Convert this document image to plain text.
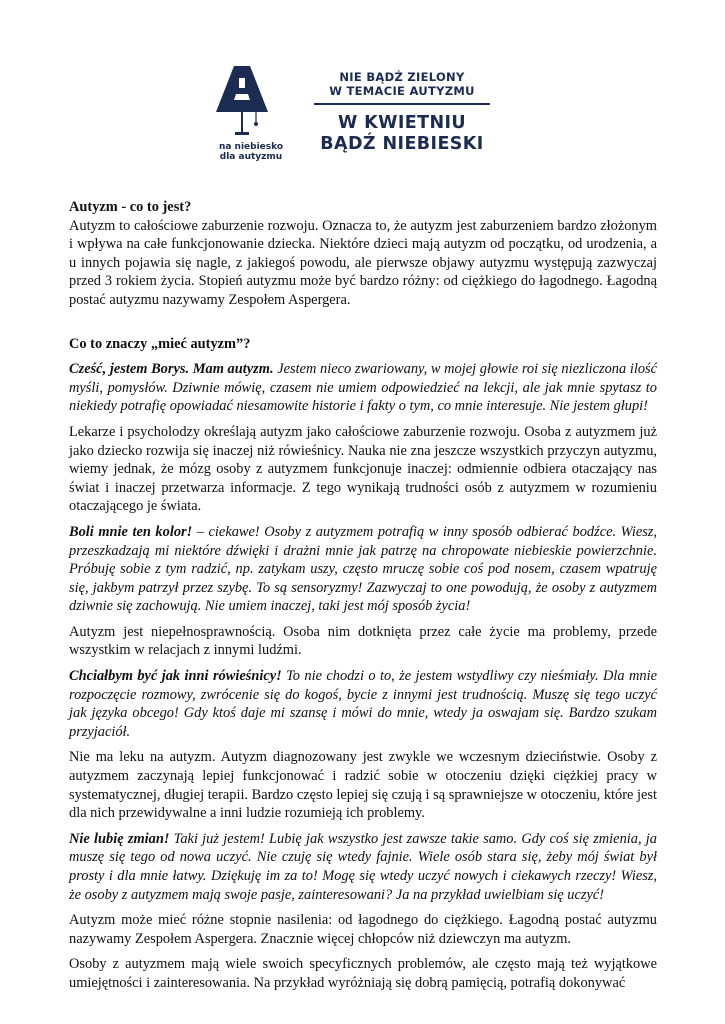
na niebiesko
dla autyzmu
NIE BĄDŹ ZIELONY
W TEMACIE AUTYZMU
W KWIETNIU
BĄDŹ NIEBIESKI
Autyzm - co to jest?

Autyzm to całościowe zaburzenie rozwoju. Oznacza to, że autyzm jest zaburzeniem bardzo złożonym i wpływa na całe funkcjonowanie dziecka. Niektóre dzieci mają autyzm od początku, od urodzenia, a u innych pojawia się nagle, z jakiegoś powodu, ale pierwsze objawy autyzmu występują zazwyczaj przed 3 rokiem życia. Stopień autyzmu może być bardzo różny: od ciężkiego do łagodnego. Łagodną postać autyzmu nazywamy Zespołem Aspergera.

Co to znaczy „mieć autyzm”?

Cześć, jestem Borys. Mam autyzm. Jestem nieco zwariowany, w mojej głowie roi się niezliczona ilość myśli, pomysłów. Dziwnie mówię, czasem nie umiem odpowiedzieć na lekcji, ale jak mnie spytasz to niekiedy potrafię opowiadać niesamowite historie i fakty o tym, co mnie interesuje. Nie jestem głupi!

Lekarze i psycholodzy określają autyzm jako całościowe zaburzenie rozwoju. Osoba z autyzmem już jako dziecko rozwija się inaczej niż rówieśnicy. Nauka nie zna jeszcze wszystkich przyczyn autyzmu, wiemy jednak, że mózg osoby z autyzmem funkcjonuje inaczej: odmiennie odbiera otaczający nas świat i inaczej przetwarza informacje. Z tego wynikają trudności osób z autyzmem w rozumieniu otaczającego je świata.

Boli mnie ten kolor! – ciekawe! Osoby z autyzmem potrafią w inny sposób odbierać bodźce. Wiesz, przeszkadzają mi niektóre dźwięki i drażni mnie jak patrzę na chropowate niebieskie powierzchnie. Próbuję sobie z tym radzić, np. zatykam uszy, często mruczę sobie coś pod nosem, czasem wpatruję się, jakbym patrzył przez szybę. To są sensoryzmy! Zazwyczaj to one powodują, że osoby z autyzmem dziwnie się zachowują. Nie umiem inaczej, taki jest mój sposób życia!

Autyzm jest niepełnosprawnością. Osoba nim dotknięta przez całe życie ma problemy, przede wszystkim w relacjach z innymi ludźmi.

Chciałbym być jak inni rówieśnicy! To nie chodzi o to, że jestem wstydliwy czy nieśmiały. Dla mnie rozpoczęcie rozmowy, zwrócenie się do kogoś, bycie z innymi jest trudnością. Muszę się tego uczyć jak języka obcego! Gdy ktoś daje mi szansę i mówi do mnie, wtedy ja oswajam się. Bardzo szukam przyjaciół.

Nie ma leku na autyzm. Autyzm diagnozowany jest zwykle we wczesnym dzieciństwie. Osoby z autyzmem zaczynają lepiej funkcjonować i radzić sobie w otoczeniu dzięki ciężkiej pracy w systematycznej, długiej terapii. Bardzo często lepiej się czują i są sprawniejsze w otoczeniu, które jest dla nich przewidywalne a inni ludzie rozumieją ich problemy.

Nie lubię zmian! Taki już jestem! Lubię jak wszystko jest zawsze takie samo. Gdy coś się zmienia, ja muszę się tego od nowa uczyć. Nie czuję się wtedy fajnie. Wiele osób stara się, żeby mój świat był prosty i dla mnie łatwy. Dziękuję im za to! Mogę się wtedy uczyć nowych i ciekawych rzeczy! Wiesz, że osoby z autyzmem mają swoje pasje, zainteresowani? Ja na przykład uwielbiam się uczyć!

Autyzm może mieć różne stopnie nasilenia: od łagodnego do ciężkiego. Łagodną postać autyzmu nazywamy Zespołem Aspergera. Znacznie więcej chłopców niż dziewczyn ma autyzm.

Osoby z autyzmem mają wiele swoich specyficznych problemów, ale często mają też wyjątkowe umiejętności i zainteresowania. Na przykład wyróżniają się dobrą pamięcią, potrafią dokonywać
